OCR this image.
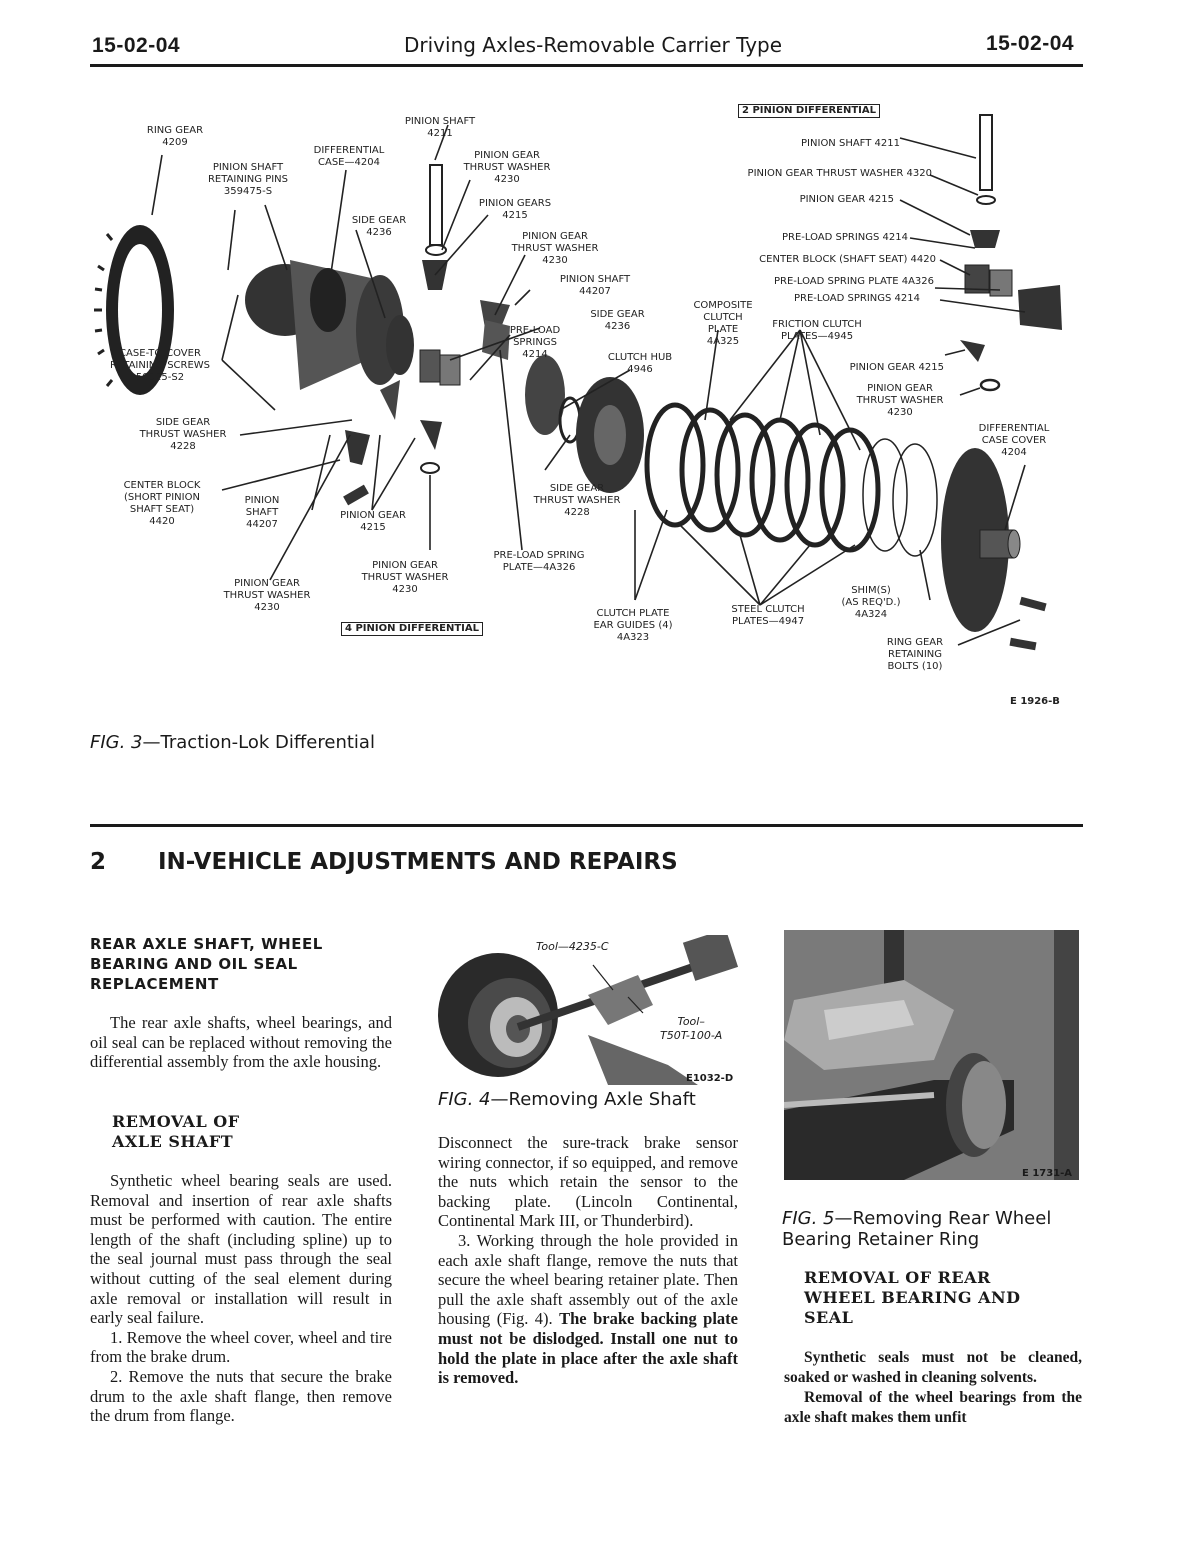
15-02-04	Driving Axles-Removable Carrier Type	15-02-04
RING GEAR
4209
PINION SHAFT
4211
DIFFERENTIAL
CASE—4204
PINION SHAFT
RETAINING PINS
359475-S
PINION GEAR
THRUST WASHER
4230
SIDE GEAR
4236
PINION GEARS
4215
PINION GEAR
THRUST WASHER
4230
PINION SHAFT
44207
SIDE GEAR
4236
PRE-LOAD
SPRINGS
4214	CLUTCH HUB
4946
CASE-TO-COVER
RETAINING SCREWS
50025-S2
SIDE GEAR
THRUST WASHER
4228
CENTER BLOCK
(SHORT PINION
SHAFT SEAT)
4420
PINION
SHAFT
44207
PINION GEAR
4215
SIDE GEAR
THRUST WASHER
4228
PRE-LOAD SPRING
PLATE—4A326
PINION GEAR
THRUST WASHER
4230
PINION GEAR
THRUST WASHER
4230
4 PINION DIFFERENTIAL
CLUTCH PLATE
EAR GUIDES (4)
4A323
COMPOSITE
CLUTCH
PLATE
4A325
FRICTION CLUTCH
PLATES—4945
STEEL CLUTCH
PLATES—4947
SHIM(S)
(AS REQ'D.)
4A324
RING GEAR
RETAINING
BOLTS (10)
DIFFERENTIAL
CASE COVER
4204
2 PINION DIFFERENTIAL
PINION SHAFT 4211
PINION GEAR THRUST WASHER 4320
PINION GEAR 4215
PRE-LOAD SPRINGS 4214
CENTER BLOCK (SHAFT SEAT) 4420
PRE-LOAD SPRING PLATE 4A326
PRE-LOAD SPRINGS 4214
PINION GEAR 4215
PINION GEAR
THRUST WASHER
4230
E 1926-B
FIG. 3—Traction-Lok Differential
2 IN-VEHICLE ADJUSTMENTS AND REPAIRS
REAR AXLE SHAFT, WHEEL BEARING AND OIL SEAL REPLACEMENT

The rear axle shafts, wheel bearings, and oil seal can be replaced without removing the differential assembly from the axle housing.

REMOVAL OF AXLE SHAFT

Synthetic wheel bearing seals are used. Removal and insertion of rear axle shafts must be performed with caution. The entire length of the shaft (including spline) up to the seal journal must pass through the seal without cutting of the seal element during axle removal or installation will result in early seal failure.

1. Remove the wheel cover, wheel and tire from the brake drum.

2. Remove the nuts that secure the brake drum to the axle shaft flange, then remove the drum from flange.

Tool—4235-C
Tool–
T50T-100-A
E1032-D
FIG. 4—Removing Axle Shaft

Disconnect the sure-track brake sensor wiring connector, if so equipped, and remove the nuts which retain the sensor to the backing plate. (Lincoln Continental, Continental Mark III, or Thunderbird).

3. Working through the hole provided in each axle shaft flange, remove the nuts that secure the wheel bearing retainer plate. Then pull the axle shaft assembly out of the axle housing (Fig. 4). The brake backing plate must not be dislodged. Install one nut to hold the plate in place after the axle shaft is removed.

E 1731-A
FIG. 5—Removing Rear Wheel Bearing Retainer Ring
REMOVAL OF REAR WHEEL BEARING AND SEAL

Synthetic seals must not be cleaned, soaked or washed in cleaning solvents.

Removal of the wheel bearings from the axle shaft makes them unfit
